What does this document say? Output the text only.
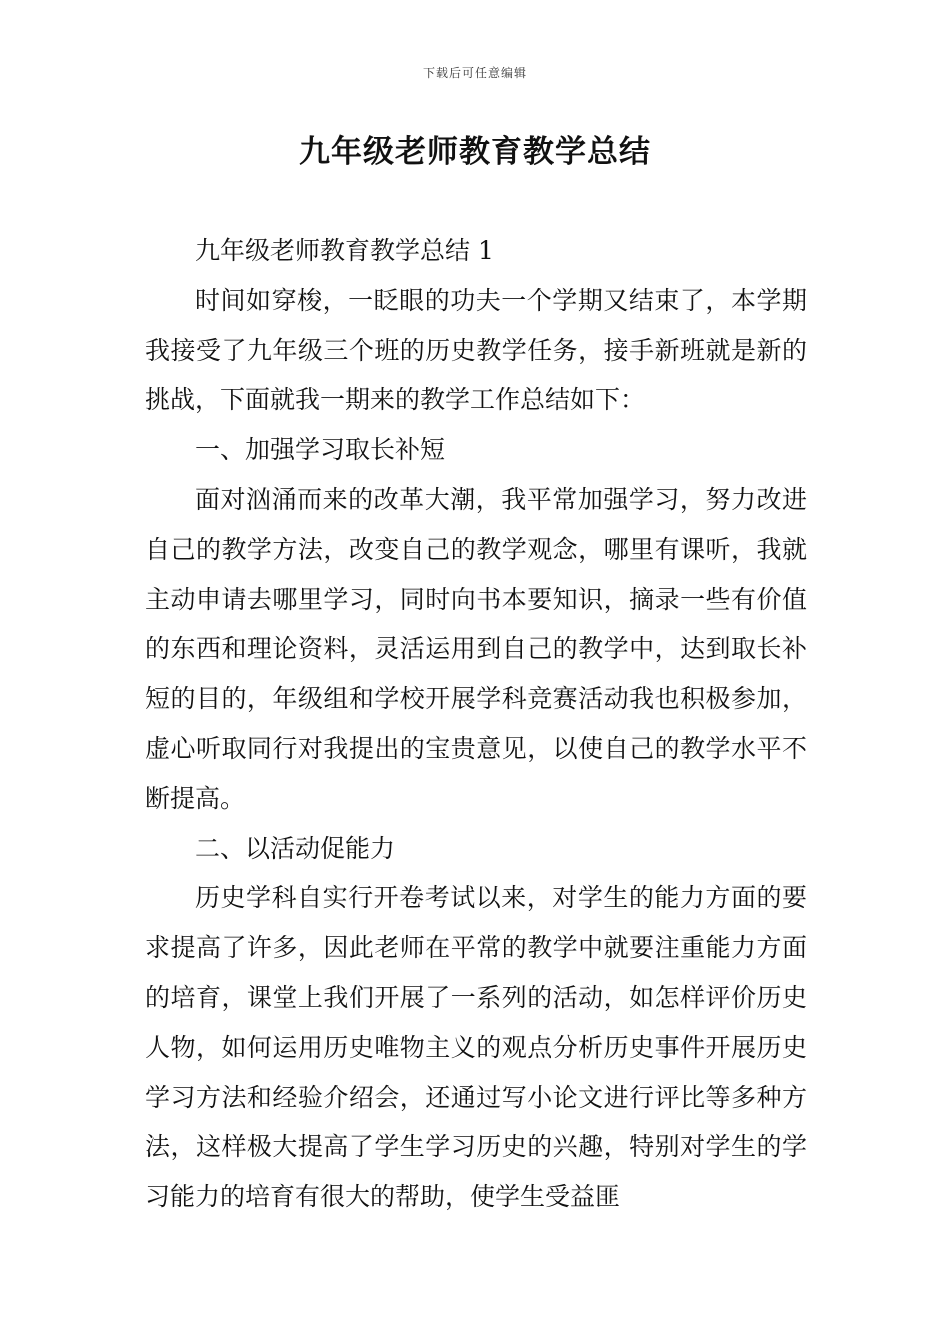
下载后可任意编辑
九年级老师教育教学总结

九年级老师教育教学总结 1

时间如穿梭，一眨眼的功夫一个学期又结束了，本学期我接受了九年级三个班的历史教学任务，接手新班就是新的挑战，下面就我一期来的教学工作总结如下：

一、加强学习取长补短

面对汹涌而来的改革大潮，我平常加强学习，努力改进自己的教学方法，改变自己的教学观念，哪里有课听，我就主动申请去哪里学习，同时向书本要知识，摘录一些有价值的东西和理论资料，灵活运用到自己的教学中，达到取长补短的目的，年级组和学校开展学科竞赛活动我也积极参加，虚心听取同行对我提出的宝贵意见，以使自己的教学水平不断提高。

二、以活动促能力

历史学科自实行开卷考试以来，对学生的能力方面的要求提高了许多，因此老师在平常的教学中就要注重能力方面的培育，课堂上我们开展了一系列的活动，如怎样评价历史人物，如何运用历史唯物主义的观点分析历史事件开展历史学习方法和经验介绍会，还通过写小论文进行评比等多种方法，这样极大提高了学生学习历史的兴趣，特别对学生的学习能力的培育有很大的帮助，使学生受益匪
